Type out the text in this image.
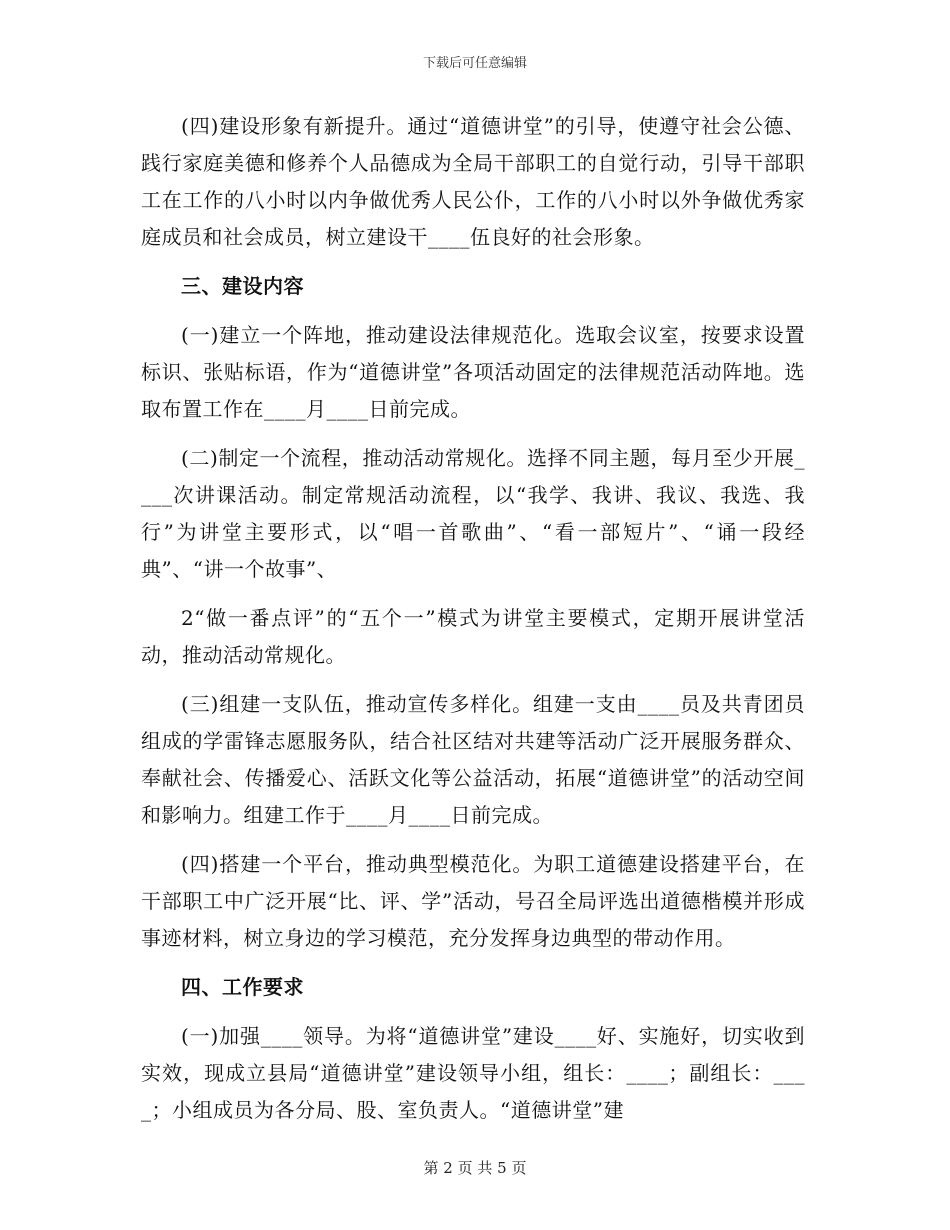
下载后可任意编辑

(四)建设形象有新提升。通过“道德讲堂”的引导，使遵守社会公德、践行家庭美德和修养个人品德成为全局干部职工的自觉行动，引导干部职工在工作的八小时以内争做优秀人民公仆，工作的八小时以外争做优秀家庭成员和社会成员，树立建设干____伍良好的社会形象。

三、建设内容

(一)建立一个阵地，推动建设法律规范化。选取会议室，按要求设置标识、张贴标语，作为“道德讲堂”各项活动固定的法律规范活动阵地。选取布置工作在____月____日前完成。

(二)制定一个流程，推动活动常规化。选择不同主题，每月至少开展____次讲课活动。制定常规活动流程，以“我学、我讲、我议、我选、我行”为讲堂主要形式，以“唱一首歌曲”、“看一部短片”、“诵一段经典”、“讲一个故事”、

2“做一番点评”的“五个一”模式为讲堂主要模式，定期开展讲堂活动，推动活动常规化。

(三)组建一支队伍，推动宣传多样化。组建一支由____员及共青团员组成的学雷锋志愿服务队，结合社区结对共建等活动广泛开展服务群众、奉献社会、传播爱心、活跃文化等公益活动，拓展“道德讲堂”的活动空间和影响力。组建工作于____月____日前完成。

(四)搭建一个平台，推动典型模范化。为职工道德建设搭建平台，在干部职工中广泛开展“比、评、学”活动，号召全局评选出道德楷模并形成事迹材料，树立身边的学习模范，充分发挥身边典型的带动作用。

四、工作要求

(一)加强____领导。为将“道德讲堂”建设____好、实施好，切实收到实效，现成立县局“道德讲堂”建设领导小组，组长：____；副组长：____；小组成员为各分局、股、室负责人。“道德讲堂”建

第 2 页 共 5 页
